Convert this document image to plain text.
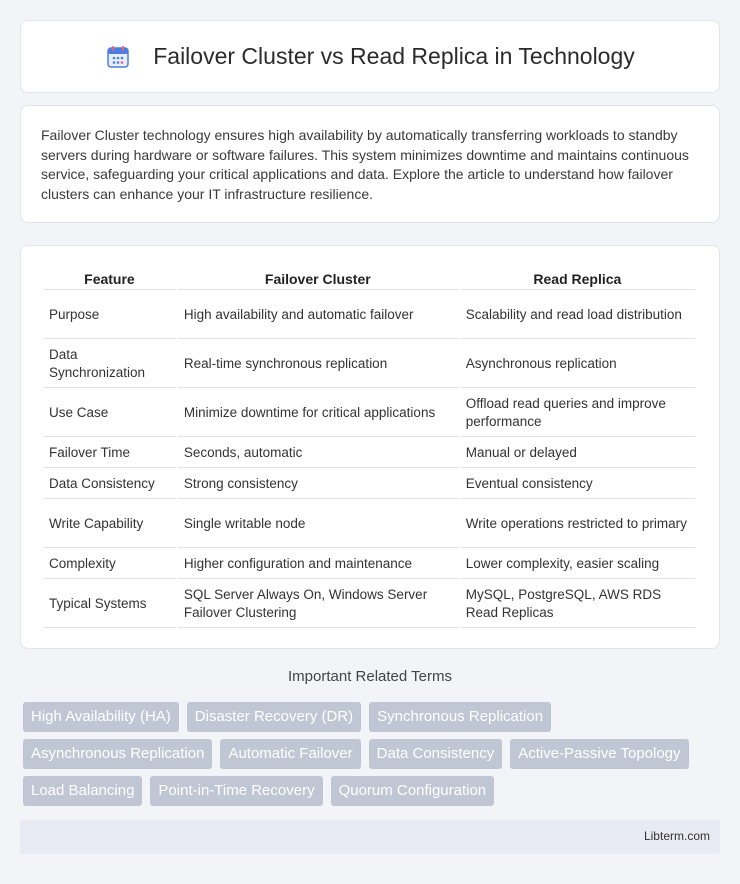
Failover Cluster vs Read Replica in Technology

Failover Cluster technology ensures high availability by automatically transferring workloads to standby servers during hardware or software failures. This system minimizes downtime and maintains continuous service, safeguarding your critical applications and data. Explore the article to understand how failover clusters can enhance your IT infrastructure resilience.

Feature	Failover Cluster	Read Replica
Purpose	High availability and automatic failover	Scalability and read load distribution
Data Synchronization	Real-time synchronous replication	Asynchronous replication
Use Case	Minimize downtime for critical applications	Offload read queries and improve performance
Failover Time	Seconds, automatic	Manual or delayed
Data Consistency	Strong consistency	Eventual consistency
Write Capability	Single writable node	Write operations restricted to primary
Complexity	Higher configuration and maintenance	Lower complexity, easier scaling
Typical Systems	SQL Server Always On, Windows Server Failover Clustering	MySQL, PostgreSQL, AWS RDS Read Replicas
Important Related Terms
High Availability (HA)	Disaster Recovery (DR)	Synchronous Replication
Asynchronous Replication	Automatic Failover	Data Consistency	Active-Passive Topology
Load Balancing	Point-in-Time Recovery	Quorum Configuration
Libterm.com
